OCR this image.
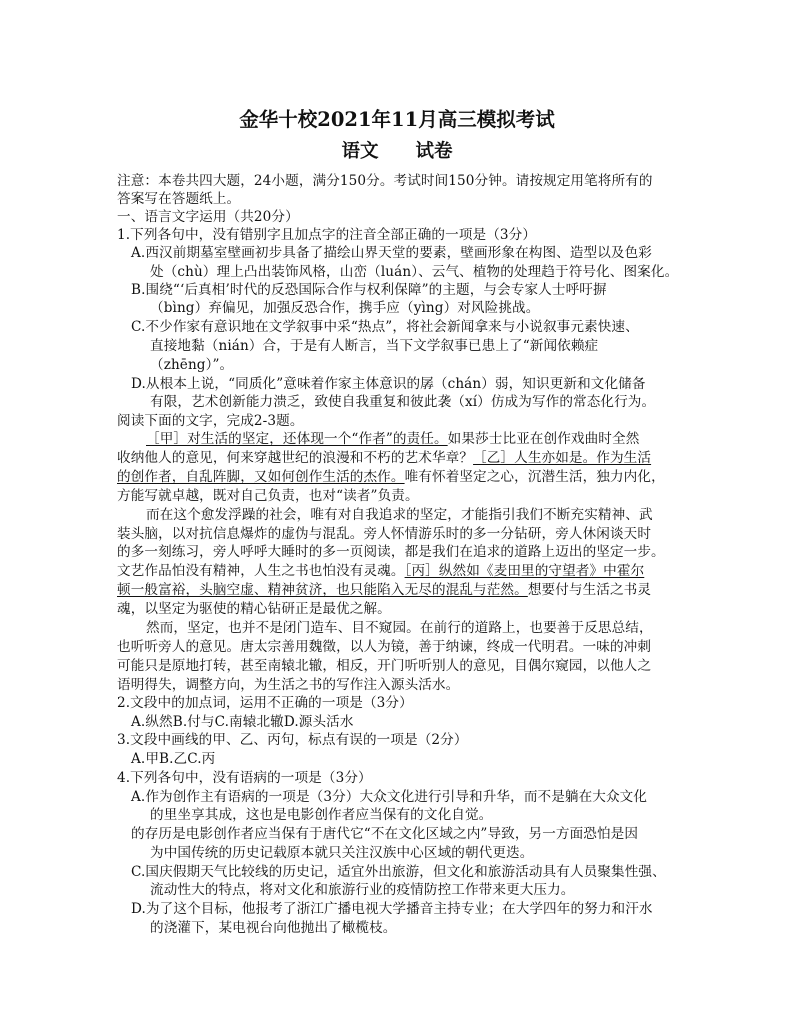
金华十校2021年11月高三模拟考试
语文　　试卷
注意：本卷共四大题，24小题，满分150分。考试时间150分钟。请按规定用笔将所有的
答案写在答题纸上。
一、语言文字运用（共20分）
1.下列各句中，没有错别字且加点字的注音全部正确的一项是（3分）
A.西汉前期墓室壁画初步具备了描绘山界天堂的要素，壁画形象在构图、造型以及色彩
处（chù）理上凸出装饰风格，山峦（luán）、云气、植物的处理趋于符号化、图案化。
B.围绕“‘后真相’时代的反恐国际合作与权利保障”的主题，与会专家人士呼吁摒
（bìng）弃偏见，加强反恐合作，携手应（yìng）对风险挑战。
C.不少作家有意识地在文学叙事中采“热点”，将社会新闻拿来与小说叙事元素快速、
直接地黏（nián）合，于是有人断言，当下文学叙事已患上了“新闻依赖症
（zhēng）”。
D.从根本上说，“同质化”意味着作家主体意识的孱（chán）弱，知识更新和文化储备
有限，艺术创新能力溃乏，致使自我重复和彼此袭（xí）仿成为写作的常态化行为。
阅读下面的文字，完成2-3题。
［甲］对生活的坚定，还体现一个“作者”的责任。如果莎士比亚在创作戏曲时全然
收纳他人的意见，何来穿越世纪的浪漫和不朽的艺术华章？［乙］人生亦如是。作为生活
的创作者，自乱阵脚，又如何创作生活的杰作。唯有怀着坚定之心，沉潜生活，独力内化，
方能写就卓越，既对自己负责，也对“读者”负责。
而在这个愈发浮躁的社会，唯有对自我追求的坚定，才能指引我们不断充实精神、武
装头脑，以对抗信息爆炸的虚伪与混乱。旁人怀情游乐时的多一分钻研，旁人休闲谈天时
的多一刻练习，旁人呼呼大睡时的多一页阅读，都是我们在追求的道路上迈出的坚定一步。
文艺作品怕没有精神，人生之书也怕没有灵魂。［丙］纵然如《麦田里的守望者》中霍尔
顿一般富裕，头脑空虚、精神贫济，也只能陷入无尽的混乱与茫然。想要付与生活之书灵
魂，以坚定为驱使的精心钻研正是最优之解。
然而，坚定，也并不是闭门造车、目不窥园。在前行的道路上，也要善于反思总结，
也听听旁人的意见。唐太宗善用魏徵，以人为镜，善于纳谏，终成一代明君。一味的冲刺
可能只是原地打转，甚至南辕北辙，相反，开门听听别人的意见，目偶尔窥园，以他人之
语明得失，调整方向，为生活之书的写作注入源头活水。
2.文段中的加点词，运用不正确的一项是（3分）
A.纵然B.付与C.南辕北辙D.源头活水
3.文段中画线的甲、乙、丙句，标点有误的一项是（2分）
A.甲B.乙C.丙
4.下列各句中，没有语病的一项是（3分）
A.作为创作主有语病的一项是（3分）大众文化进行引导和升华，而不是躺在大众文化
的里坐享其成，这也是电影创作者应当保有的文化自觉。
的存历是电影创作者应当保有于唐代它“不在文化区域之内”导致，另一方面恐怕是因
为中国传统的历史记载原本就只关注汉族中心区域的朝代更迭。
C.国庆假期天气比较线的历史记，适宜外出旅游，但文化和旅游活动具有人员聚集性强、
流动性大的特点，将对文化和旅游行业的疫情防控工作带来更大压力。
D.为了这个目标，他报考了浙江广播电视大学播音主持专业；在大学四年的努力和汗水
的浇灌下，某电视台向他抛出了橄榄枝。
